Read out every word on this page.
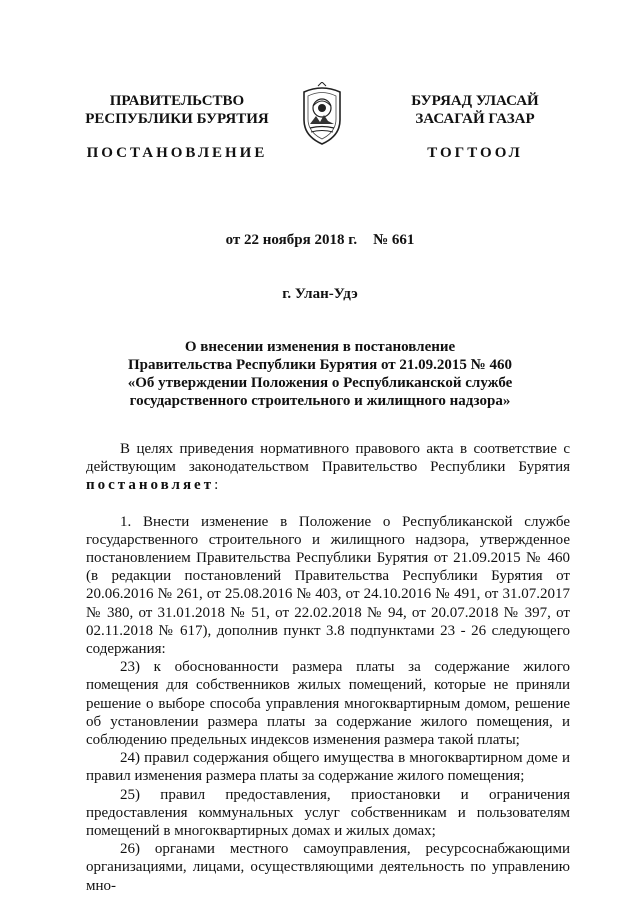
ПРАВИТЕЛЬСТВО
РЕСПУБЛИКИ БУРЯТИЯ
ПОСТАНОВЛЕНИЕ
БУРЯАД УЛАСАЙ
ЗАСАГАЙ ГАЗАР
ТОГТООЛ
от 22 ноября 2018 г. № 661
г. Улан-Удэ
О внесении изменения в постановление
Правительства Республики Бурятия от 21.09.2015 № 460
«Об утверждении Положения о Республиканской службе
государственного строительного и жилищного надзора»

В целях приведения нормативного правового акта в соответствие с действующим законодательством Правительство Республики Бурятия постановляет:

1. Внести изменение в Положение о Республиканской службе государственного строительного и жилищного надзора, утвержденное постановлением Правительства Республики Бурятия от 21.09.2015 № 460 (в редакции постановлений Правительства Республики Бурятия от 20.06.2016 № 261, от 25.08.2016 № 403, от 24.10.2016 № 491, от 31.07.2017 № 380, от 31.01.2018 № 51, от 22.02.2018 № 94, от 20.07.2018 № 397, от 02.11.2018 № 617), дополнив пункт 3.8 подпунктами 23 - 26 следующего содержания:

23) к обоснованности размера платы за содержание жилого помещения для собственников жилых помещений, которые не приняли решение о выборе способа управления многоквартирным домом, решение об установлении размера платы за содержание жилого помещения, и соблюдению предельных индексов изменения размера такой платы;

24) правил содержания общего имущества в многоквартирном доме и правил изменения размера платы за содержание жилого помещения;

25) правил предоставления, приостановки и ограничения предоставления коммунальных услуг собственникам и пользователям помещений в многоквартирных домах и жилых домах;

26) органами местного самоуправления, ресурсоснабжающими организациями, лицами, осуществляющими деятельность по управлению мно-
